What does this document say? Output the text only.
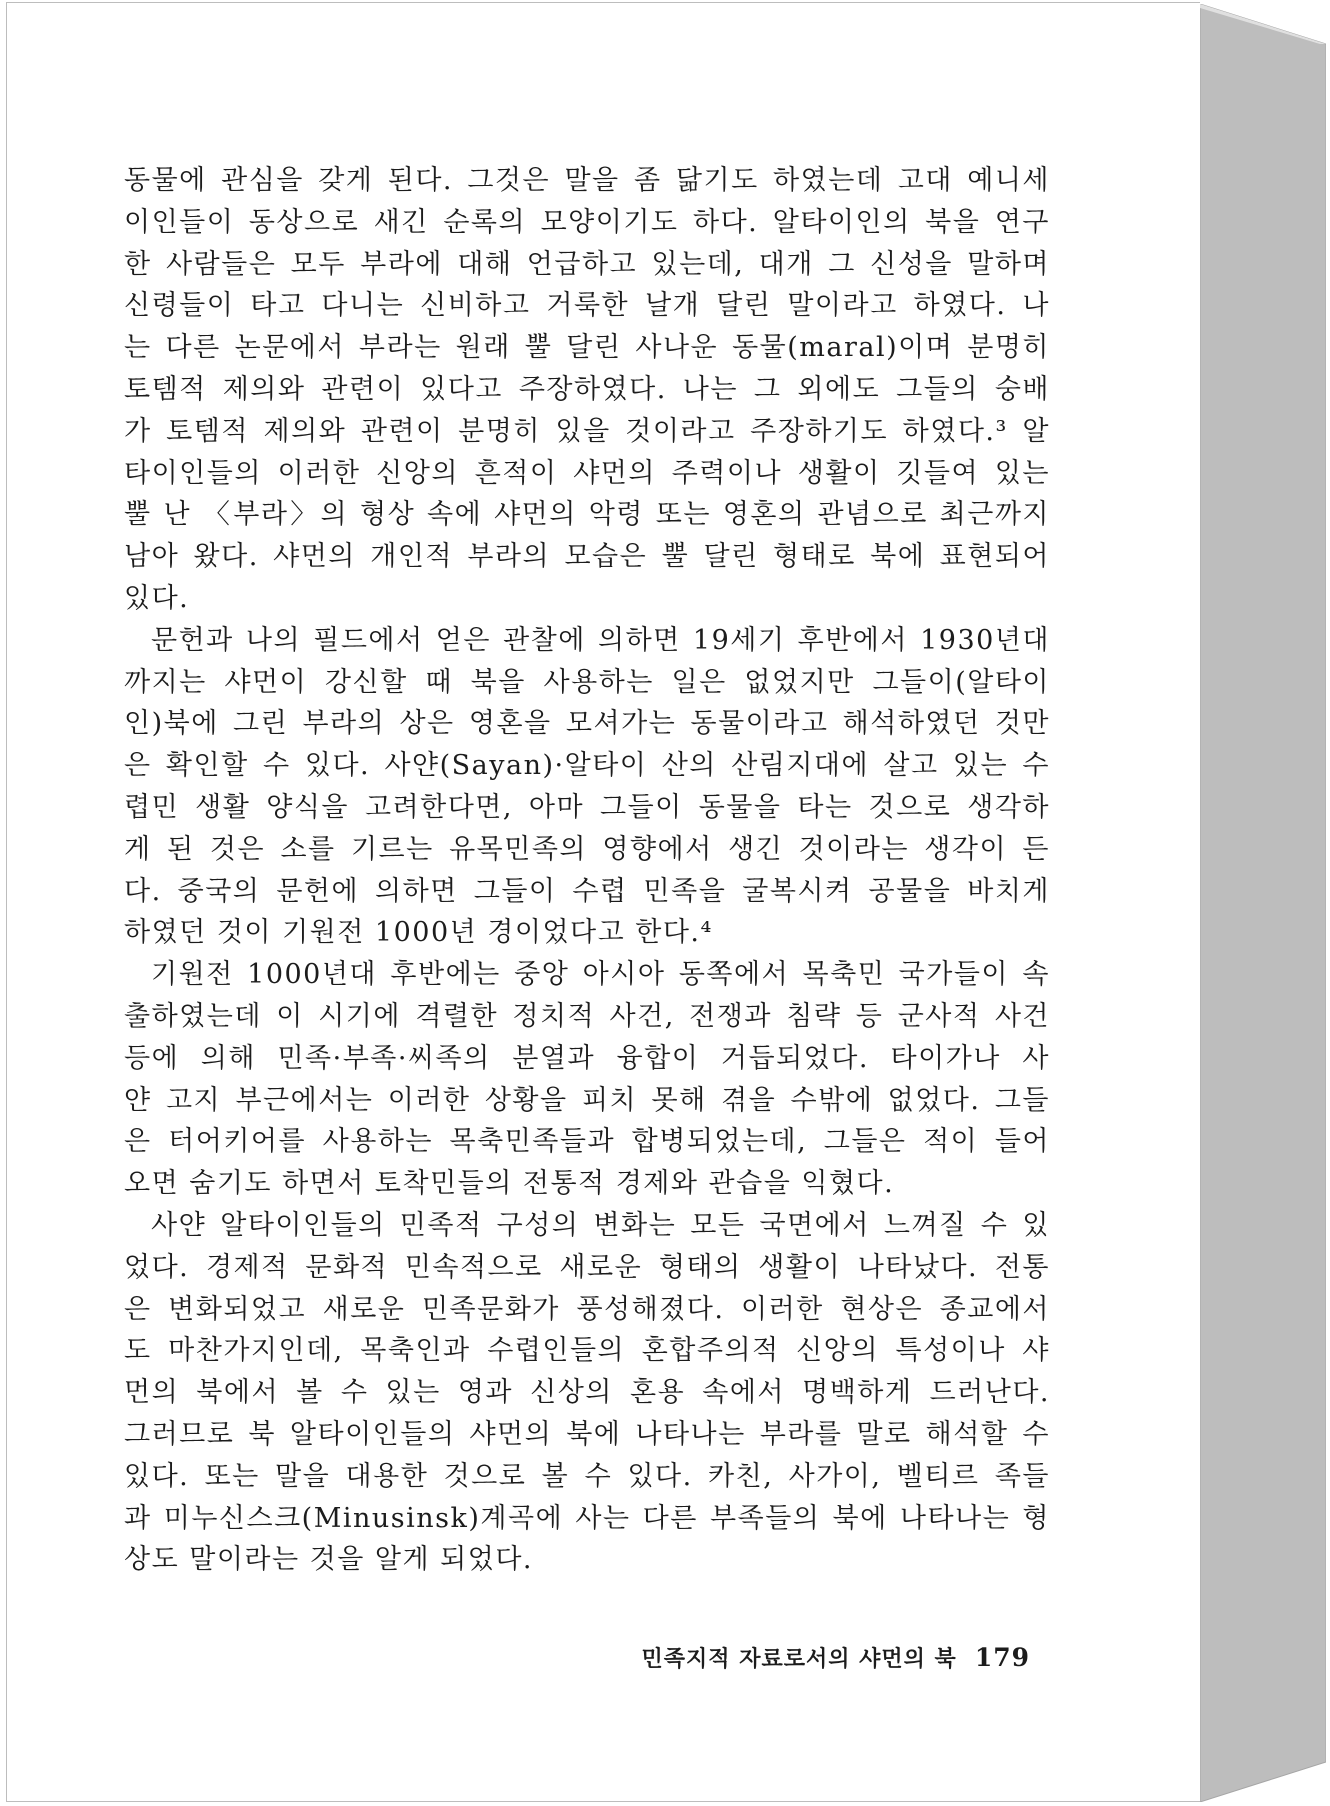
동물에 관심을 갖게 된다. 그것은 말을 좀 닮기도 하였는데 고대 예니세
이인들이 동상으로 새긴 순록의 모양이기도 하다. 알타이인의 북을 연구
한 사람들은 모두 부라에 대해 언급하고 있는데, 대개 그 신성을 말하며
신령들이 타고 다니는 신비하고 거룩한 날개 달린 말이라고 하였다. 나
는 다른 논문에서 부라는 원래 뿔 달린 사나운 동물(maral)이며 분명히
토템적 제의와 관련이 있다고 주장하였다. 나는 그 외에도 그들의 숭배
가 토템적 제의와 관련이 분명히 있을 것이라고 주장하기도 하였다.³ 알
타이인들의 이러한 신앙의 흔적이 샤먼의 주력이나 생활이 깃들여 있는
뿔 난 〈부라〉의 형상 속에 샤먼의 악령 또는 영혼의 관념으로 최근까지
남아 왔다. 샤먼의 개인적 부라의 모습은 뿔 달린 형태로 북에 표현되어
있다.

문헌과 나의 필드에서 얻은 관찰에 의하면 19세기 후반에서 1930년대
까지는 샤먼이 강신할 때 북을 사용하는 일은 없었지만 그들이(알타이
인)북에 그린 부라의 상은 영혼을 모셔가는 동물이라고 해석하였던 것만
은 확인할 수 있다. 사얀(Sayan)·알타이 산의 산림지대에 살고 있는 수
렵민 생활 양식을 고려한다면, 아마 그들이 동물을 타는 것으로 생각하
게 된 것은 소를 기르는 유목민족의 영향에서 생긴 것이라는 생각이 든
다. 중국의 문헌에 의하면 그들이 수렵 민족을 굴복시켜 공물을 바치게
하였던 것이 기원전 1000년 경이었다고 한다.⁴

기원전 1000년대 후반에는 중앙 아시아 동쪽에서 목축민 국가들이 속
출하였는데 이 시기에 격렬한 정치적 사건, 전쟁과 침략 등 군사적 사건
등에 의해 민족·부족·씨족의 분열과 융합이 거듭되었다. 타이가나 사
얀 고지 부근에서는 이러한 상황을 피치 못해 겪을 수밖에 없었다. 그들
은 터어키어를 사용하는 목축민족들과 합병되었는데, 그들은 적이 들어
오면 숨기도 하면서 토착민들의 전통적 경제와 관습을 익혔다.

사얀 알타이인들의 민족적 구성의 변화는 모든 국면에서 느껴질 수 있
었다. 경제적 문화적 민속적으로 새로운 형태의 생활이 나타났다. 전통
은 변화되었고 새로운 민족문화가 풍성해졌다. 이러한 현상은 종교에서
도 마찬가지인데, 목축인과 수렵인들의 혼합주의적 신앙의 특성이나 샤
먼의 북에서 볼 수 있는 영과 신상의 혼용 속에서 명백하게 드러난다.
그러므로 북 알타이인들의 샤먼의 북에 나타나는 부라를 말로 해석할 수
있다. 또는 말을 대용한 것으로 볼 수 있다. 카친, 사가이, 벨티르 족들
과 미누신스크(Minusinsk)계곡에 사는 다른 부족들의 북에 나타나는 형
상도 말이라는 것을 알게 되었다.

민족지적 자료로서의 샤먼의 북 179
